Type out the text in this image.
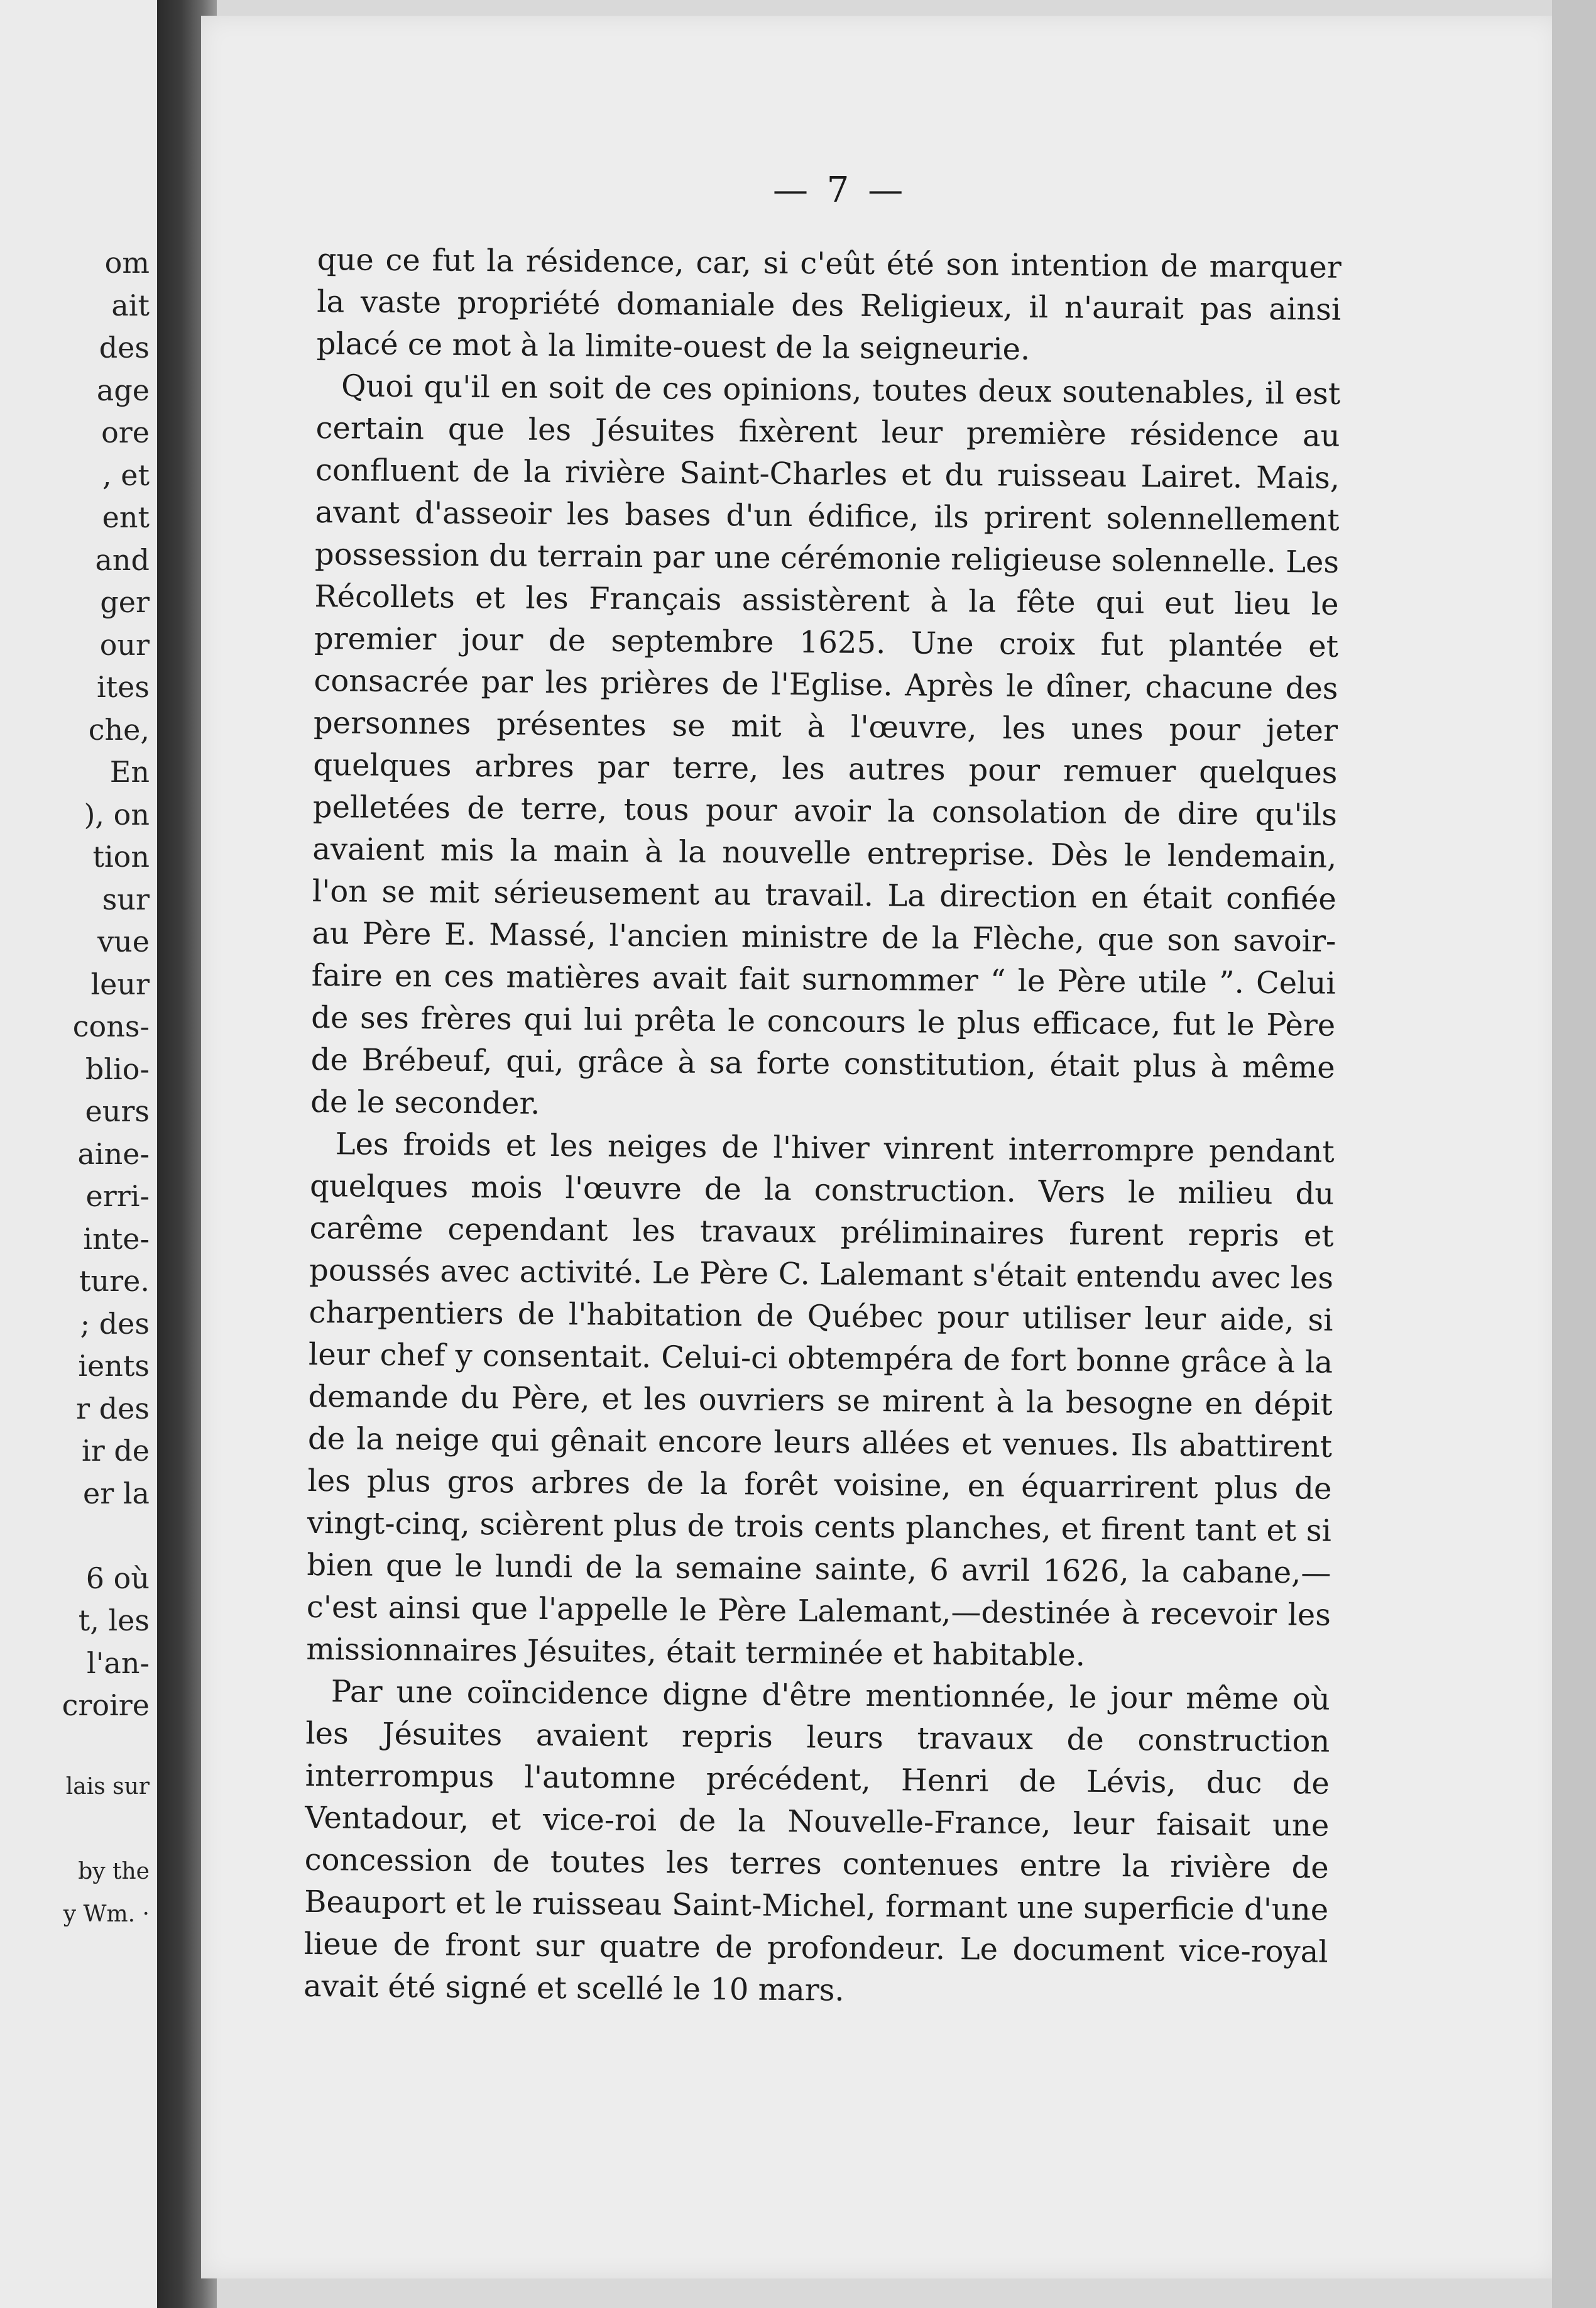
om
ait
des
age
ore
, et
ent
and
ger
our
ites
che,
En
), on
tion
sur
vue
leur
cons-
blio-
eurs
aine-
erri-
inte-
ture.
; des
ients
r des
ir de
er la
6 où
t, les
l'an-
croire
lais sur
by the
y Wm. ·
— 7 —

que ce fut la résidence, car, si c'eût été son intention de marquer la vaste propriété domaniale des Religieux, il n'aurait pas ainsi placé ce mot à la limite-ouest de la seigneurie.

Quoi qu'il en soit de ces opinions, toutes deux soutenables, il est certain que les Jésuites fixèrent leur première résidence au confluent de la rivière Saint-Charles et du ruisseau Lairet. Mais, avant d'asseoir les bases d'un édifice, ils prirent solennellement possession du terrain par une cérémonie religieuse solennelle. Les Récollets et les Français assistèrent à la fête qui eut lieu le premier jour de septembre 1625. Une croix fut plantée et consacrée par les prières de l'Eglise. Après le dîner, chacune des personnes présentes se mit à l'œuvre, les unes pour jeter quelques arbres par terre, les autres pour remuer quelques pelletées de terre, tous pour avoir la consolation de dire qu'ils avaient mis la main à la nouvelle entreprise. Dès le lendemain, l'on se mit sérieusement au travail. La direction en était confiée au Père E. Massé, l'ancien ministre de la Flèche, que son savoir-faire en ces matières avait fait surnommer “ le Père utile ”. Celui de ses frères qui lui prêta le concours le plus efficace, fut le Père de Brébeuf, qui, grâce à sa forte constitution, était plus à même de le seconder.

Les froids et les neiges de l'hiver vinrent interrompre pendant quelques mois l'œuvre de la construction. Vers le milieu du carême cependant les travaux préliminaires furent repris et poussés avec activité. Le Père C. Lalemant s'était entendu avec les charpentiers de l'habitation de Québec pour utiliser leur aide, si leur chef y consentait. Celui-ci obtempéra de fort bonne grâce à la demande du Père, et les ouvriers se mirent à la besogne en dépit de la neige qui gênait encore leurs allées et venues. Ils abattirent les plus gros arbres de la forêt voisine, en équarrirent plus de vingt-cinq, scièrent plus de trois cents planches, et firent tant et si bien que le lundi de la semaine sainte, 6 avril 1626, la cabane,—c'est ainsi que l'appelle le Père Lalemant,—destinée à recevoir les missionnaires Jésuites, était terminée et habitable.

Par une coïncidence digne d'être mentionnée, le jour même où les Jésuites avaient repris leurs travaux de construction interrompus l'automne précédent, Henri de Lévis, duc de Ventadour, et vice-roi de la Nouvelle-France, leur faisait une concession de toutes les terres contenues entre la rivière de Beauport et le ruisseau Saint-Michel, formant une superficie d'une lieue de front sur quatre de profondeur. Le document vice-royal avait été signé et scellé le 10 mars.
